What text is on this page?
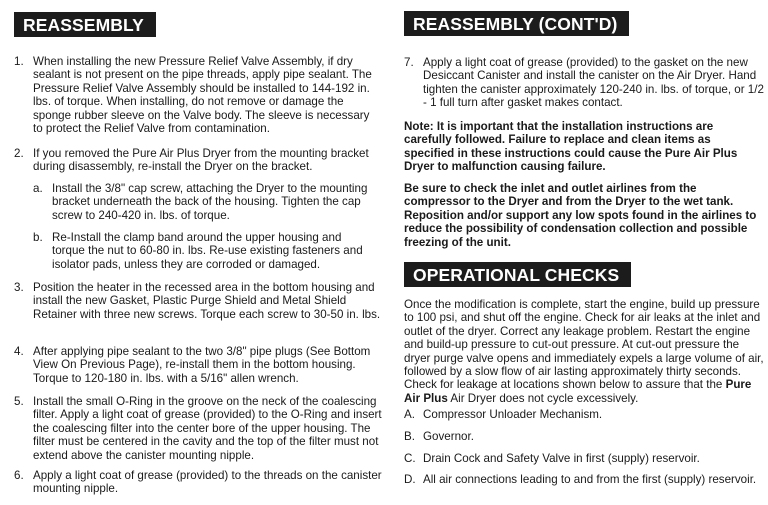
REASSEMBLY
1. When installing the new Pressure Relief Valve Assembly, if dry sealant is not present on the pipe threads, apply pipe sealant. The Pressure Relief Valve Assembly should be installed to 144-192 in. lbs. of torque. When installing, do not remove or damage the sponge rubber sleeve on the Valve body. The sleeve is necessary to protect the Relief Valve from contamination.

2. If you removed the Pure Air Plus Dryer from the mounting bracket during disassembly, re-install the Dryer on the bracket.

a. Install the 3/8" cap screw, attaching the Dryer to the mounting bracket underneath the back of the housing. Tighten the cap screw to 240-420 in. lbs. of torque.

b. Re-Install the clamp band around the upper housing and torque the nut to 60-80 in. lbs. Re-use existing fasteners and isolator pads, unless they are corroded or damaged.

3. Position the heater in the recessed area in the bottom housing and install the new Gasket, Plastic Purge Shield and Metal Shield Retainer with three new screws. Torque each screw to 30-50 in. lbs.

4. After applying pipe sealant to the two 3/8" pipe plugs (See Bottom View On Previous Page), re-install them in the bottom housing. Torque to 120-180 in. lbs. with a 5/16" allen wrench.

5. Install the small O-Ring in the groove on the neck of the coalescing filter. Apply a light coat of grease (provided) to the O-Ring and insert the coalescing filter into the center bore of the upper housing. The filter must be centered in the cavity and the top of the filter must not extend above the canister mounting nipple.

6. Apply a light coat of grease (provided) to the threads on the canister mounting nipple.

REASSEMBLY (CONT'D)
7. Apply a light coat of grease (provided) to the gasket on the new Desiccant Canister and install the canister on the Air Dryer. Hand tighten the canister approximately 120-240 in. lbs. of torque, or 1/2 - 1 full turn after gasket makes contact.

Note: It is important that the installation instructions are carefully followed. Failure to replace and clean items as specified in these instructions could cause the Pure Air Plus Dryer to malfunction causing failure.

Be sure to check the inlet and outlet airlines from the compressor to the Dryer and from the Dryer to the wet tank. Reposition and/or support any low spots found in the airlines to reduce the possibility of condensation collection and possible freezing of the unit.

OPERATIONAL CHECKS

Once the modification is complete, start the engine, build up pressure to 100 psi, and shut off the engine. Check for air leaks at the inlet and outlet of the dryer. Correct any leakage problem. Restart the engine and build-up pressure to cut-out pressure. At cut-out pressure the dryer purge valve opens and immediately expels a large volume of air, followed by a slow flow of air lasting approximately thirty seconds. Check for leakage at locations shown below to assure that the Pure Air Plus Air Dryer does not cycle excessively.

A. Compressor Unloader Mechanism.
B. Governor.
C. Drain Cock and Safety Valve in first (supply) reservoir.
D. All air connections leading to and from the first (supply) reservoir.
